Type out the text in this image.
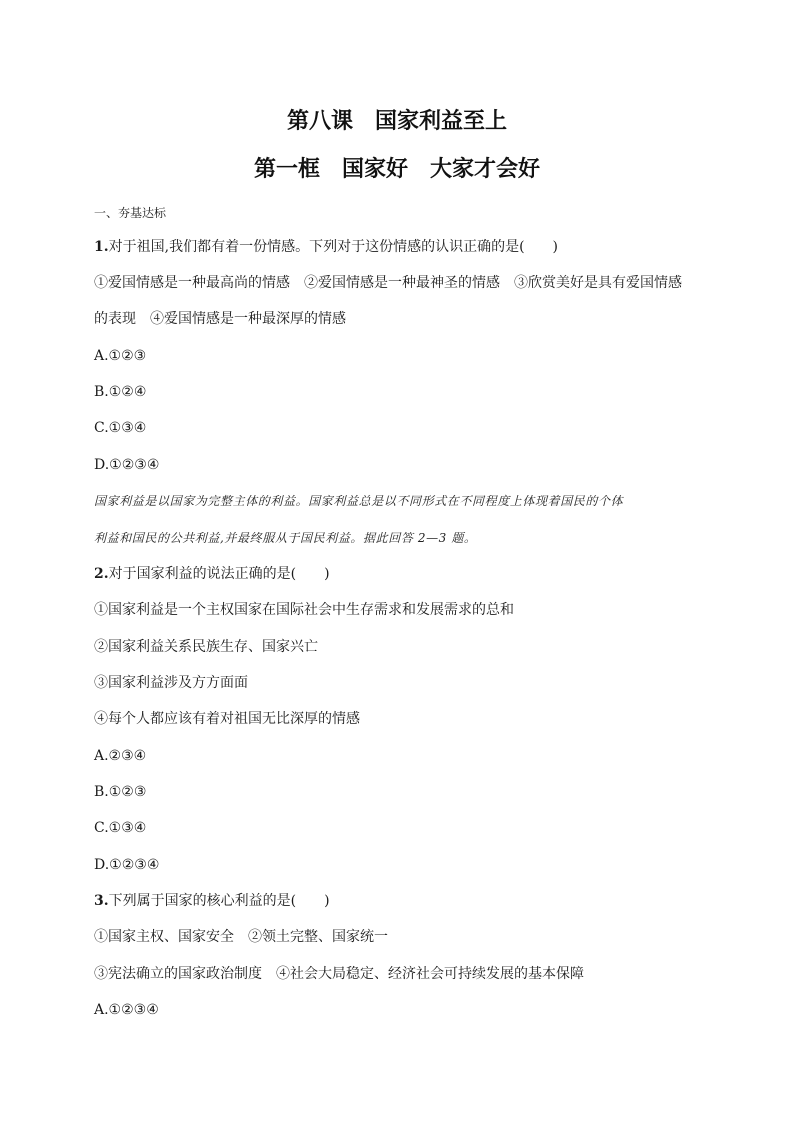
第八课　国家利益至上
第一框　国家好　大家才会好
一、夯基达标
1.对于祖国,我们都有着一份情感。下列对于这份情感的认识正确的是(　　)
①爱国情感是一种最高尚的情感　②爱国情感是一种最神圣的情感　③欣赏美好是具有爱国情感
的表现　④爱国情感是一种最深厚的情感
A.①②③
B.①②④
C.①③④
D.①②③④
国家利益是以国家为完整主体的利益。国家利益总是以不同形式在不同程度上体现着国民的个体
利益和国民的公共利益,并最终服从于国民利益。据此回答 2—3 题。
2.对于国家利益的说法正确的是(　　)
①国家利益是一个主权国家在国际社会中生存需求和发展需求的总和
②国家利益关系民族生存、国家兴亡
③国家利益涉及方方面面
④每个人都应该有着对祖国无比深厚的情感
A.②③④
B.①②③
C.①③④
D.①②③④
3.下列属于国家的核心利益的是(　　)
①国家主权、国家安全　②领土完整、国家统一
③宪法确立的国家政治制度　④社会大局稳定、经济社会可持续发展的基本保障
A.①②③④
